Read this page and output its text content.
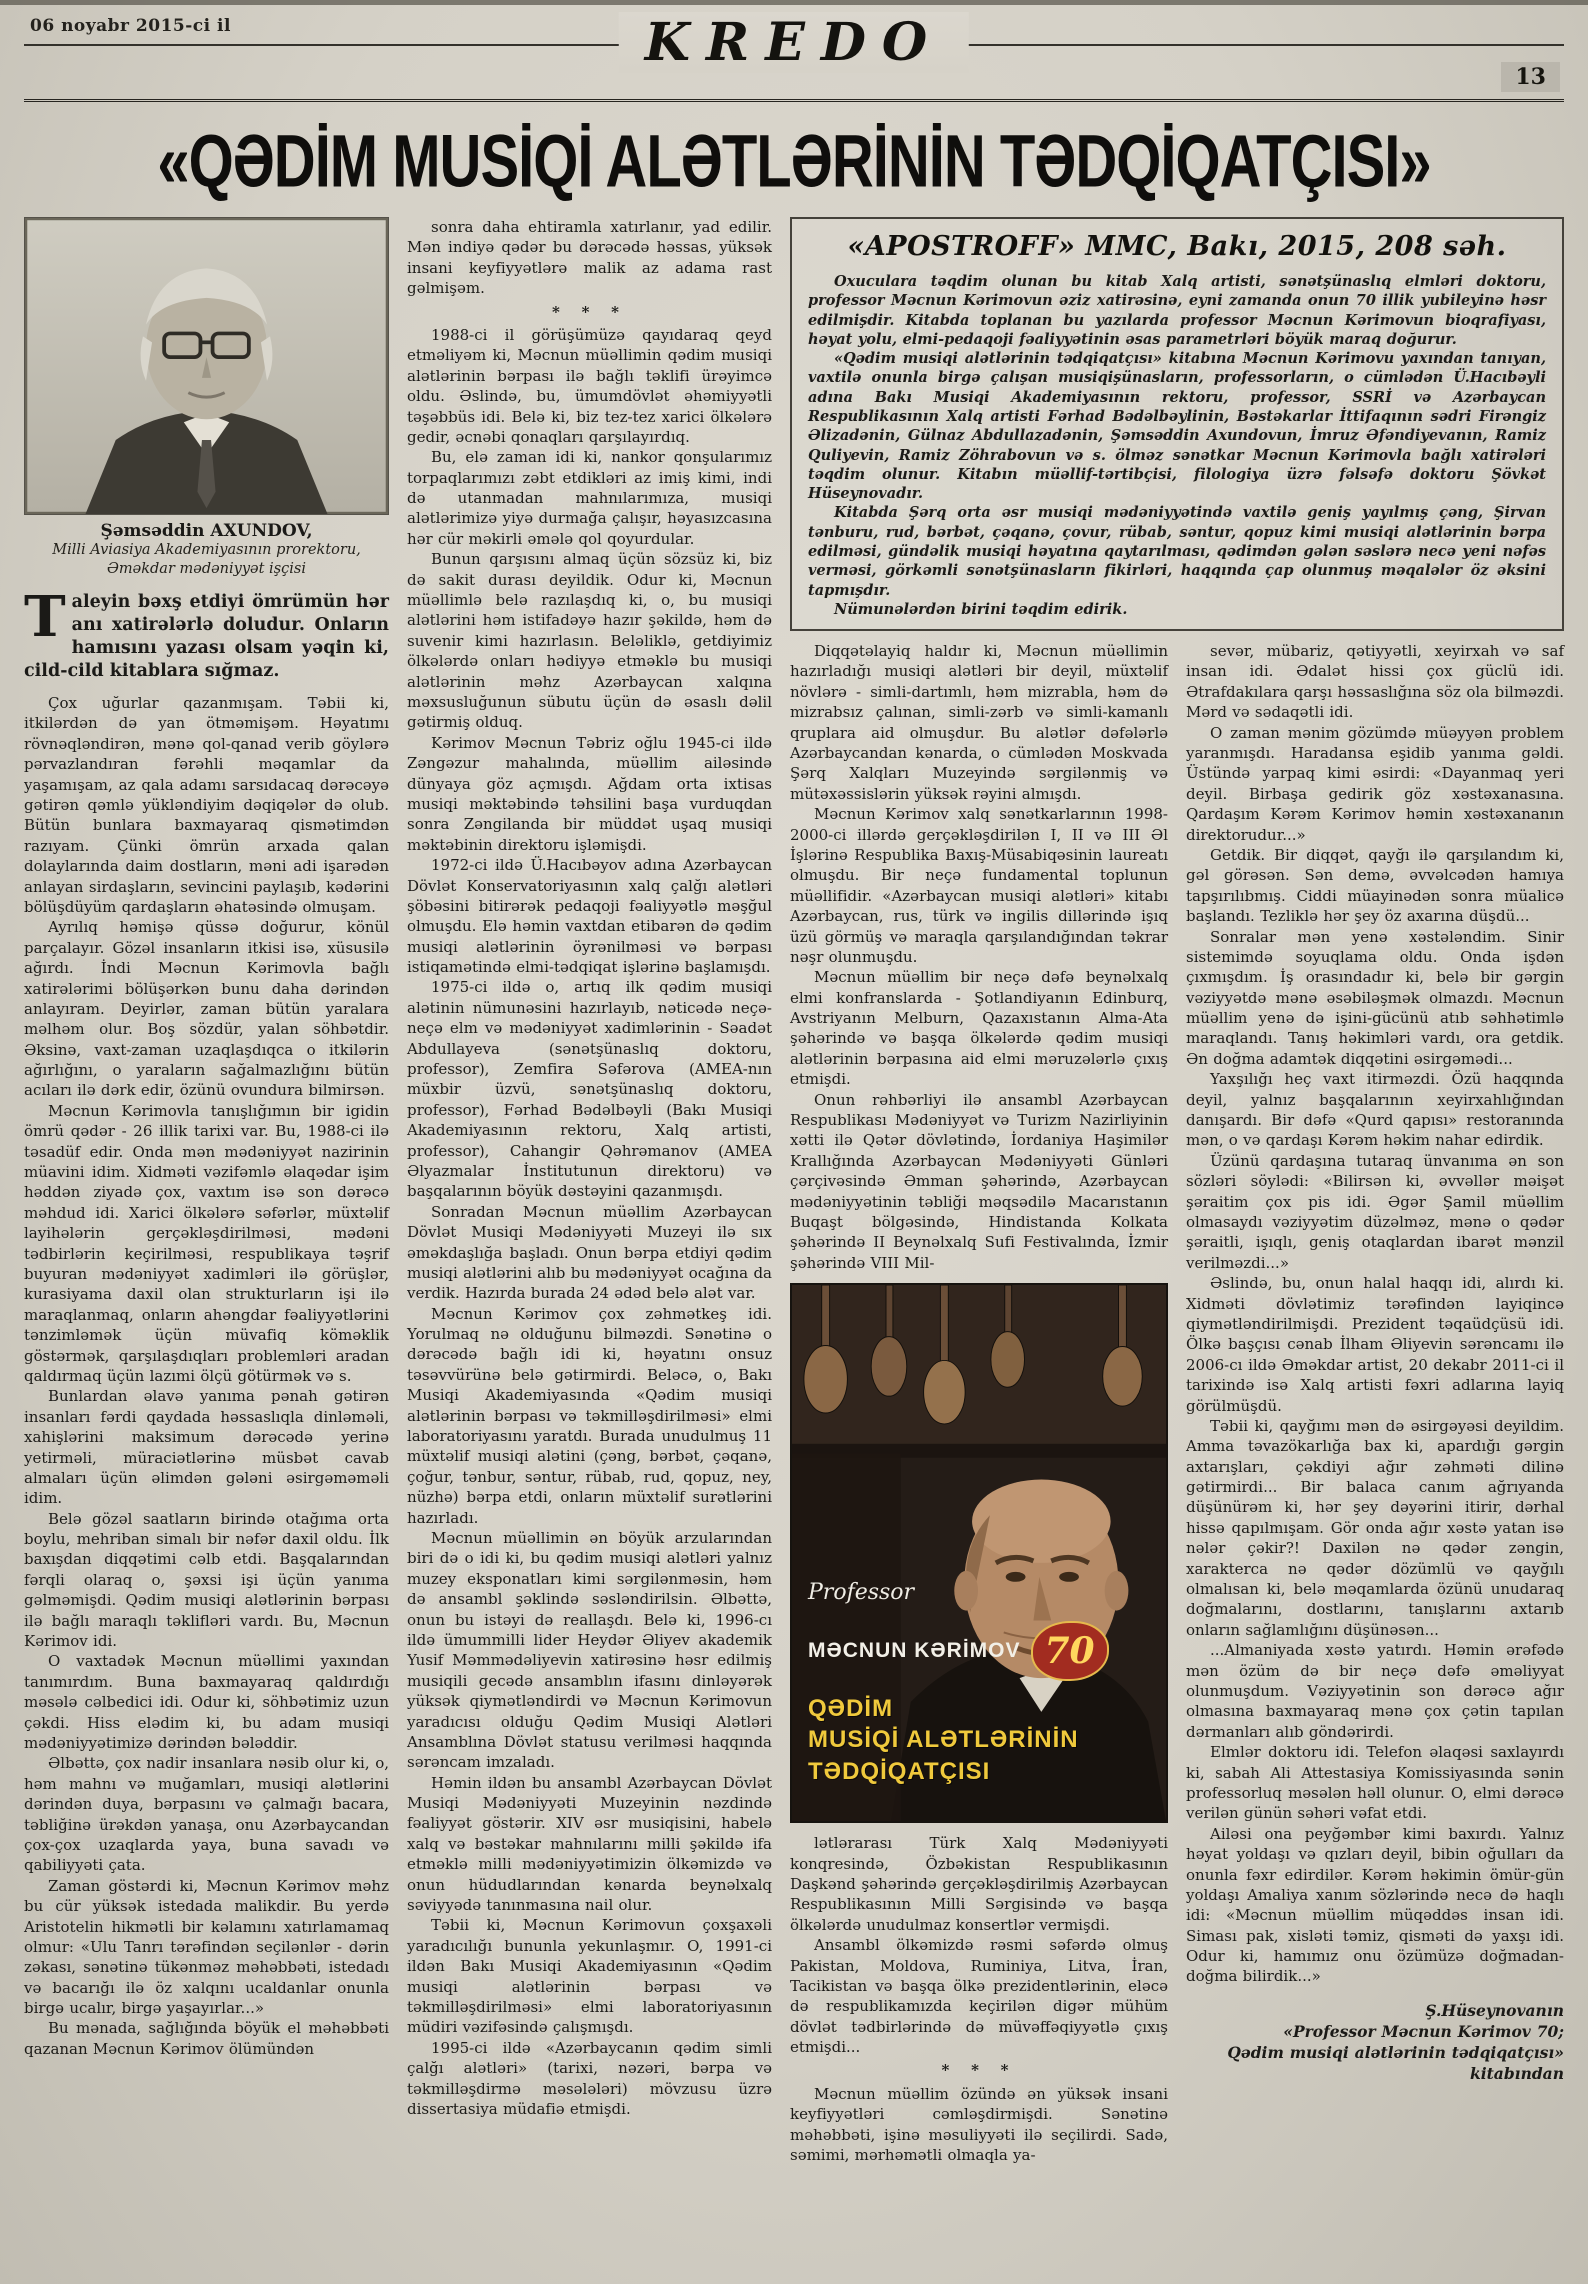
06 noyabr 2015-ci il	KREDO
13
«QƏDİM MUSİQİ ALƏTLƏRİNİN TƏDQİQATÇISI»
Şəmsəddin AXUNDOV,
Milli Aviasiya Akademiyasının prorektoru,
Əməkdar mədəniyyət işçisi

Taleyin bəxş etdiyi ömrümün hər anı xatirələrlə doludur. Onların hamısını yazası olsam yəqin ki, cild-cild kitablara sığmaz.

Çox uğurlar qazanmışam. Təbii ki, itkilərdən də yan ötməmişəm. Həyatımı rövnəqləndirən, mənə qol-qanad verib göylərə pərvazlandıran fərəhli məqamlar da yaşamışam, az qala adamı sarsıdacaq dərəcəyə gətirən qəmlə yükləndiyim dəqiqələr də olub. Bütün bunlara baxmayaraq qismətimdən razıyam. Çünki ömrün arxada qalan dolaylarında daim dostların, məni adi işarədən anlayan sirdaşların, sevincini paylaşıb, kədərini bölüşdüyüm qardaşların əhatəsində olmuşam.

Ayrılıq həmişə qüssə doğurur, könül parçalayır. Gözəl insanların itkisi isə, xüsusilə ağırdı. İndi Məcnun Kərimovla bağlı xatirələrimi bölüşərkən bunu daha dərindən anlayıram. Deyirlər, zaman bütün yaralara məlhəm olur. Boş sözdür, yalan söhbətdir. Əksinə, vaxt-zaman uzaqlaşdıqca o itkilərin ağırlığını, o yaraların sağalmazlığını bütün acıları ilə dərk edir, özünü ovundura bilmirsən.

Məcnun Kərimovla tanışlığımın bir igidin ömrü qədər - 26 illik tarixi var. Bu, 1988-ci ilə təsadüf edir. Onda mən mədəniyyət nazirinin müavini idim. Xidməti vəzifəmlə əlaqədar işim həddən ziyadə çox, vaxtım isə son dərəcə məhdud idi. Xarici ölkələrə səfərlər, müxtəlif layihələrin gerçəkləşdirilməsi, mədəni tədbirlərin keçirilməsi, respublikaya təşrif buyuran mədəniyyət xadimləri ilə görüşlər, kurasiyama daxil olan strukturların işi ilə maraqlanmaq, onların ahəngdar fəaliyyətlərini tənzimləmək üçün müvafiq köməklik göstərmək, qarşılaşdıqları problemləri aradan qaldırmaq üçün lazımi ölçü götürmək və s.

Bunlardan əlavə yanıma pənah gətirən insanları fərdi qaydada həssaslıqla dinləməli, xahişlərini maksimum dərəcədə yerinə yetirməli, müraciətlərinə müsbət cavab almaları üçün əlimdən gələni əsirgəməməli idim.

Belə gözəl saatların birində otağıma orta boylu, mehriban simalı bir nəfər daxil oldu. İlk baxışdan diqqətimi cəlb etdi. Başqalarından fərqli olaraq o, şəxsi işi üçün yanıma gəlməmişdi. Qədim musiqi alətlərinin bərpası ilə bağlı maraqlı təklifləri vardı. Bu, Məcnun Kərimov idi.

O vaxtadək Məcnun müəllimi yaxından tanımırdım. Buna baxmayaraq qaldırdığı məsələ cəlbedici idi. Odur ki, söhbətimiz uzun çəkdi. Hiss elədim ki, bu adam musiqi mədəniyyətimizə dərindən bələddir.

Əlbəttə, çox nadir insanlara nəsib olur ki, o, həm mahnı və muğamları, musiqi alətlərini dərindən duya, bərpasını və çalmağı bacara, təbliğinə ürəkdən yanaşa, onu Azərbaycandan çox-çox uzaqlarda yaya, buna savadı və qabiliyyəti çata.

Zaman göstərdi ki, Məcnun Kərimov məhz bu cür yüksək istedada malikdir. Bu yerdə Aristotelin hikmətli bir kəlamını xatırlamamaq olmur: «Ulu Tanrı tərəfindən seçilənlər - dərin zəkası, sənətinə tükənməz məhəbbəti, istedadı və bacarığı ilə öz xalqını ucaldanlar onunla birgə ucalır, birgə yaşayırlar...»

Bu mənada, sağlığında böyük el məhəbbəti qazanan Məcnun Kərimov ölümündən

sonra daha ehtiramla xatırlanır, yad edilir. Mən indiyə qədər bu dərəcədə həssas, yüksək insani keyfiyyətlərə malik az adama rast gəlmişəm.

* * *

1988-ci il görüşümüzə qayıdaraq qeyd etməliyəm ki, Məcnun müəllimin qədim musiqi alətlərinin bərpası ilə bağlı təklifi ürəyimcə oldu. Əslində, bu, ümumdövlət əhəmiyyətli təşəbbüs idi. Belə ki, biz tez-tez xarici ölkələrə gedir, əcnəbi qonaqları qarşılayırdıq.

Bu, elə zaman idi ki, nankor qonşularımız torpaqlarımızı zəbt etdikləri az imiş kimi, indi də utanmadan mahnılarımıza, musiqi alətlərimizə yiyə durmağa çalışır, həyasızcasına hər cür məkirli əmələ qol qoyurdular.

Bunun qarşısını almaq üçün sözsüz ki, biz də sakit durası deyildik. Odur ki, Məcnun müəllimlə belə razılaşdıq ki, o, bu musiqi alətlərini həm istifadəyə hazır şəkildə, həm də suvenir kimi hazırlasın. Beləliklə, getdiyimiz ölkələrdə onları hədiyyə etməklə bu musiqi alətlərinin məhz Azərbaycan xalqına məxsusluğunun sübutu üçün də əsaslı dəlil gətirmiş olduq.

Kərimov Məcnun Təbriz oğlu 1945-ci ildə Zəngəzur mahalında, müəllim ailəsində dünyaya göz açmışdı. Ağdam orta ixtisas musiqi məktəbində təhsilini başa vurduqdan sonra Zəngilanda bir müddət uşaq musiqi məktəbinin direktoru işləmişdi.

1972-ci ildə Ü.Hacıbəyov adına Azərbaycan Dövlət Konservatoriyasının xalq çalğı alətləri şöbəsini bitirərək pedaqoji fəaliyyətlə məşğul olmuşdu. Elə həmin vaxtdan etibarən də qədim musiqi alətlərinin öyrənilməsi və bərpası istiqamətində elmi-tədqiqat işlərinə başlamışdı.

1975-ci ildə o, artıq ilk qədim musiqi alətinin nümunəsini hazırlayıb, nəticədə neçə-neçə elm və mədəniyyət xadimlərinin - Səadət Abdullayeva (sənətşünaslıq doktoru, professor), Zemfira Səfərova (AMEA-nın müxbir üzvü, sənətşünaslıq doktoru, professor), Fərhad Bədəlbəyli (Bakı Musiqi Akademiyasının rektoru, Xalq artisti, professor), Cahangir Qəhrəmanov (AMEA Əlyazmalar İnstitutunun direktoru) və başqalarının böyük dəstəyini qazanmışdı.

Sonradan Məcnun müəllim Azərbaycan Dövlət Musiqi Mədəniyyəti Muzeyi ilə sıx əməkdaşlığa başladı. Onun bərpa etdiyi qədim musiqi alətlərini alıb bu mədəniyyət ocağına da verdik. Hazırda burada 24 ədəd belə alət var.

Məcnun Kərimov çox zəhmətkeş idi. Yorulmaq nə olduğunu bilməzdi. Sənətinə o dərəcədə bağlı idi ki, həyatını onsuz təsəvvürünə belə gətirmirdi. Beləcə, o, Bakı Musiqi Akademiyasında «Qədim musiqi alətlərinin bərpası və təkmilləşdirilməsi» elmi laboratoriyasını yaratdı. Burada unudulmuş 11 müxtəlif musiqi alətini (çəng, bərbət, çəqanə, çoğur, tənbur, səntur, rübab, rud, qopuz, ney, nüzhə) bərpa etdi, onların müxtəlif surətlərini hazırladı.

Məcnun müəllimin ən böyük arzularından biri də o idi ki, bu qədim musiqi alətləri yalnız muzey eksponatları kimi sərgilənməsin, həm də ansambl şəklində səsləndirilsin. Əlbəttə, onun bu istəyi də reallaşdı. Belə ki, 1996-cı ildə ümummilli lider Heydər Əliyev akademik Yusif Məmmədəliyevin xatirəsinə həsr edilmiş musiqili gecədə ansamblın ifasını dinləyərək yüksək qiymətləndirdi və Məcnun Kərimovun yaradıcısı olduğu Qədim Musiqi Alətləri Ansamblına Dövlət statusu verilməsi haqqında sərəncam imzaladı.

Həmin ildən bu ansambl Azərbaycan Dövlət Musiqi Mədəniyyəti Muzeyinin nəzdində fəaliyyət göstərir. XIV əsr musiqisini, habelə xalq və bəstəkar mahnılarını milli şəkildə ifa etməklə milli mədəniyyətimizin ölkəmizdə və onun hüdudlarından kənarda beynəlxalq səviyyədə tanınmasına nail olur.

Təbii ki, Məcnun Kərimovun çoxşaxəli yaradıcılığı bununla yekunlaşmır. O, 1991-ci ildən Bakı Musiqi Akademiyasının «Qədim musiqi alətlərinin bərpası və təkmilləşdirilməsi» elmi laboratoriyasının müdiri vəzifəsində çalışmışdı.

1995-ci ildə «Azərbaycanın qədim simli çalğı alətləri» (tarixi, nəzəri, bərpa və təkmilləşdirmə məsələləri) mövzusu üzrə dissertasiya müdafiə etmişdi.

«APOSTROFF» MMC, Bakı, 2015, 208 səh.

Oxuculara təqdim olunan bu kitab Xalq artisti, sənətşünaslıq elmləri doktoru, professor Məcnun Kərimovun əziz xatirəsinə, eyni zamanda onun 70 illik yubileyinə həsr edilmişdir. Kitabda toplanan bu yazılarda professor Məcnun Kərimovun bioqrafiyası, həyat yolu, elmi-pedaqoji fəaliyyətinin əsas parametrləri böyük maraq doğurur.

«Qədim musiqi alətlərinin tədqiqatçısı» kitabına Məcnun Kərimovu yaxından tanıyan, vaxtilə onunla birgə çalışan musiqişünasların, professorların, o cümlədən Ü.Hacıbəyli adına Bakı Musiqi Akademiyasının rektoru, professor, SSRİ və Azərbaycan Respublikasının Xalq artisti Fərhad Bədəlbəylinin, Bəstəkarlar İttifaqının sədri Firəngiz Əlizadənin, Gülnaz Abdullazadənin, Şəmsəddin Axundovun, İmruz Əfəndiyevanın, Ramiz Quliyevin, Ramiz Zöhrabovun və s. ölməz sənətkar Məcnun Kərimovla bağlı xatirələri təqdim olunur. Kitabın müəllif-tərtibçisi, filologiya üzrə fəlsəfə doktoru Şövkət Hüseynovadır.

Kitabda Şərq orta əsr musiqi mədəniyyətində vaxtilə geniş yayılmış çəng, Şirvan tənburu, rud, bərbət, çəqanə, çovur, rübab, səntur, qopuz kimi musiqi alətlərinin bərpa edilməsi, gündəlik musiqi həyatına qaytarılması, qədimdən gələn səslərə necə yeni nəfəs verməsi, görkəmli sənətşünasların fikirləri, haqqında çap olunmuş məqalələr öz əksini tapmışdır.

Nümunələrdən birini təqdim edirik.

Diqqətəlayiq haldır ki, Məcnun müəllimin hazırladığı musiqi alətləri bir deyil, müxtəlif növlərə - simli-dartımlı, həm mizrabla, həm də mizrabsız çalınan, simli-zərb və simli-kamanlı qruplara aid olmuşdur. Bu alətlər dəfələrlə Azərbaycandan kənarda, o cümlədən Moskvada Şərq Xalqları Muzeyində sərgilənmiş və mütəxəssislərin yüksək rəyini almışdı.

Məcnun Kərimov xalq sənətkarlarının 1998-2000-ci illərdə gerçəkləşdirilən I, II və III Əl İşlərinə Respublika Baxış-Müsabiqəsinin laureatı olmuşdu. Bir neçə fundamental toplunun müəllifidir. «Azərbaycan musiqi alətləri» kitabı Azərbaycan, rus, türk və ingilis dillərində işıq üzü görmüş və maraqla qarşılandığından təkrar nəşr olunmuşdu.

Məcnun müəllim bir neçə dəfə beynəlxalq elmi konfranslarda - Şotlandiyanın Edinburq, Avstriyanın Melburn, Qazaxıstanın Alma-Ata şəhərində və başqa ölkələrdə qədim musiqi alətlərinin bərpasına aid elmi məruzələrlə çıxış etmişdi.

Onun rəhbərliyi ilə ansambl Azərbaycan Respublikası Mədəniyyət və Turizm Nazirliyinin xətti ilə Qətər dövlətində, İordaniya Haşimilər Krallığında Azərbaycan Mədəniyyəti Günləri çərçivəsində Əmman şəhərində, Azərbaycan mədəniyyətinin təbliği məqsədilə Macarıstanın Buqaşt bölgəsində, Hindistanda Kolkata şəhərində II Beynəlxalq Sufi Festivalında, İzmir şəhərində VIII Mil-

Professor
MƏCNUN KƏRİMOV 70

QƏDİM

MUSİQİ ALƏTLƏRİNİN

TƏDQİQATÇISI

lətlərarası Türk Xalq Mədəniyyəti konqresində, Özbəkistan Respublikasının Daşkənd şəhərində gerçəkləşdirilmiş Azərbaycan Respublikasının Milli Sərgisində və başqa ölkələrdə unudulmaz konsertlər vermişdi.

Ansambl ölkəmizdə rəsmi səfərdə olmuş Pakistan, Moldova, Ruminiya, Litva, İran, Tacikistan və başqa ölkə prezidentlərinin, eləcə də respublikamızda keçirilən digər mühüm dövlət tədbirlərində də müvəffəqiyyətlə çıxış etmişdi...

* * *

Məcnun müəllim özündə ən yüksək insani keyfiyyətləri cəmləşdirmişdi. Sənətinə məhəbbəti, işinə məsuliyyəti ilə seçilirdi. Sadə, səmimi, mərhəmətli olmaqla ya-

sevər, mübariz, qətiyyətli, xeyirxah və saf insan idi. Ədalət hissi çox güclü idi. Ətrafdakılara qarşı həssaslığına söz ola bilməzdi. Mərd və sədaqətli idi.

O zaman mənim gözümdə müəyyən problem yaranmışdı. Haradansa eşidib yanıma gəldi. Üstündə yarpaq kimi əsirdi: «Dayanmaq yeri deyil. Birbaşa gedirik göz xəstəxanasına. Qardaşım Kərəm Kərimov həmin xəstəxananın direktorudur...»

Getdik. Bir diqqət, qayğı ilə qarşılandım ki, gəl görəsən. Sən demə, əvvəlcədən hamıya tapşırılıbmış. Ciddi müayinədən sonra müalicə başlandı. Tezliklə hər şey öz axarına düşdü...

Sonralar mən yenə xəstələndim. Sinir sistemimdə soyuqlama oldu. Onda işdən çıxmışdım. İş orasındadır ki, belə bir gərgin vəziyyətdə mənə əsəbiləşmək olmazdı. Məcnun müəllim yenə də işini-gücünü atıb səhhətimlə maraqlandı. Tanış həkimləri vardı, ora getdik. Ən doğma adamtək diqqətini əsirgəmədi...

Yaxşılığı heç vaxt itirməzdi. Özü haqqında deyil, yalnız başqalarının xeyirxahlığından danışardı. Bir dəfə «Qurd qapısı» restoranında mən, o və qardaşı Kərəm həkim nahar edirdik.

Üzünü qardaşına tutaraq ünvanıma ən son sözləri söylədi: «Bilirsən ki, əvvəllər məişət şəraitim çox pis idi. Əgər Şamil müəllim olmasaydı vəziyyətim düzəlməz, mənə o qədər şəraitli, işıqlı, geniş otaqlardan ibarət mənzil verilməzdi...»

Əslində, bu, onun halal haqqı idi, alırdı ki. Xidməti dövlətimiz tərəfindən layiqincə qiymətləndirilmişdi. Prezident təqaüdçüsü idi. Ölkə başçısı cənab İlham Əliyevin sərəncamı ilə 2006-cı ildə Əməkdar artist, 20 dekabr 2011-ci il tarixində isə Xalq artisti fəxri adlarına layiq görülmüşdü.

Təbii ki, qayğımı mən də əsirgəyəsi deyildim. Amma təvazökarlığa bax ki, apardığı gərgin axtarışları, çəkdiyi ağır zəhməti dilinə gətirmirdi... Bir balaca canım ağrıyanda düşünürəm ki, hər şey dəyərini itirir, dərhal hissə qapılmışam. Gör onda ağır xəstə yatan isə nələr çəkir?! Daxilən nə qədər zəngin, xarakterca nə qədər dözümlü və qayğılı olmalısan ki, belə məqamlarda özünü unudaraq doğmalarını, dostlarını, tanışlarını axtarıb onların sağlamlığını düşünəsən...

...Almaniyada xəstə yatırdı. Həmin ərəfədə mən özüm də bir neçə dəfə əməliyyat olunmuşdum. Vəziyyətinin son dərəcə ağır olmasına baxmayaraq mənə çox çətin tapılan dərmanları alıb göndərirdi.

Elmlər doktoru idi. Telefon əlaqəsi saxlayırdı ki, sabah Ali Attestasiya Komissiyasında sənin professorluq məsələn həll olunur. O, elmi dərəcə verilən günün səhəri vəfat etdi.

Ailəsi ona peyğəmbər kimi baxırdı. Yalnız həyat yoldaşı və qızları deyil, bibin oğulları da onunla fəxr edirdilər. Kərəm həkimin ömür-gün yoldaşı Amaliya xanım sözlərində necə də haqlı idi: «Məcnun müəllim müqəddəs insan idi. Siması pak, xisləti təmiz, qisməti də yaxşı idi. Odur ki, hamımız onu özümüzə doğmadan-doğma bilirdik...»

Ş.Hüseynovanın

«Professor Məcnun Kərimov 70;

Qədim musiqi alətlərinin tədqiqatçısı»

kitabından
